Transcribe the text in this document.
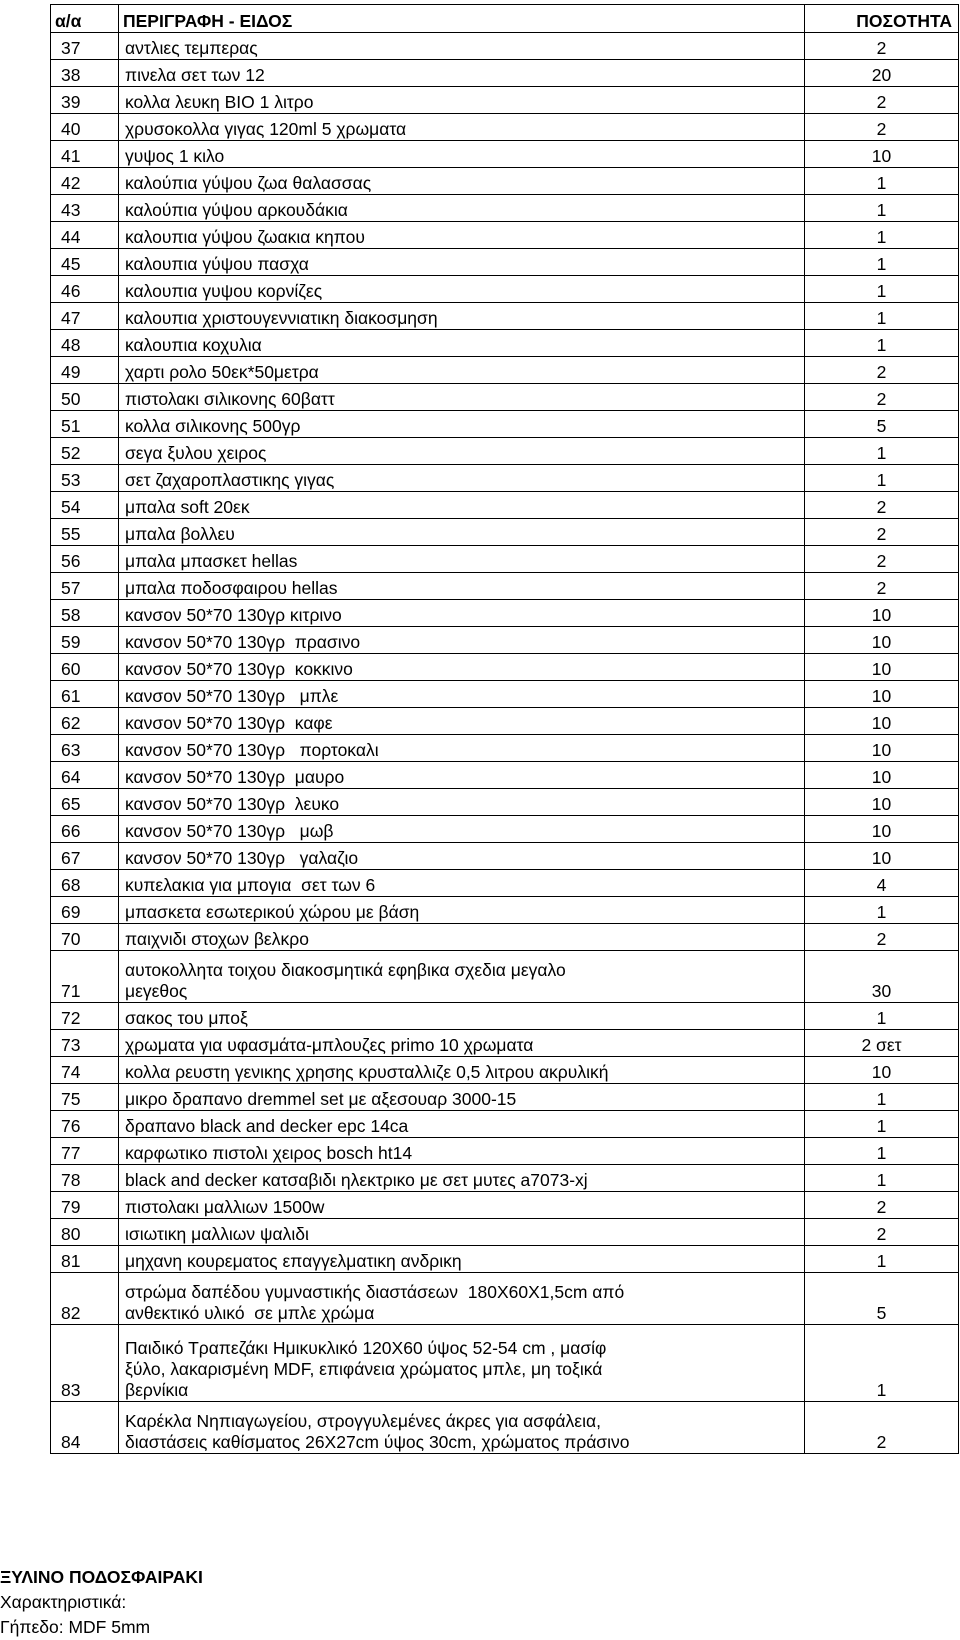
α/α	ΠΕΡΙΓΡΑΦΗ - ΕΙΔΟΣ	ΠΟΣΟΤΗΤΑ
37	αντλιες τεμπερας	2
38	πινελα σετ των 12	20
39	κολλα λευκη BIO 1 λιτρο	2
40	χρυσοκολλα γιγας 120ml 5 χρωματα	2
41	γυψος 1 κιλο	10
42	καλούπια γύψου ζωα θαλασσας	1
43	καλούπια γύψου αρκουδάκια	1
44	καλουπια γύψου ζωακια κηπου	1
45	καλουπια γύψου πασχα	1
46	καλουπια γυψου κορνίζες	1
47	καλουπια χριστουγεννιατικη διακοσμηση	1
48	καλουπια κοχυλια	1
49	χαρτι ρολο 50εκ*50μετρα	2
50	πιστολακι σιλικονης 60βαττ	2
51	κολλα σιλικονης 500γρ	5
52	σεγα ξυλου χειρος	1
53	σετ ζαχαροπλαστικης γιγας	1
54	μπαλα soft 20εκ	2
55	μπαλα βολλευ	2
56	μπαλα μπασκετ hellas	2
57	μπαλα ποδοσφαιρου hellas	2
58	κανσον 50*70 130γρ κιτρινο	10
59	κανσον 50*70 130γρ  πρασινο	10
60	κανσον 50*70 130γρ  κοκκινο	10
61	κανσον 50*70 130γρ   μπλε	10
62	κανσον 50*70 130γρ  καφε	10
63	κανσον 50*70 130γρ   πορτοκαλι	10
64	κανσον 50*70 130γρ  μαυρο	10
65	κανσον 50*70 130γρ  λευκο	10
66	κανσον 50*70 130γρ   μωβ	10
67	κανσον 50*70 130γρ   γαλαζιο	10
68	κυπελακια για μπογια  σετ των 6	4
69	μπασκετα εσωτερικού χώρου με βάση	1
70	παιχνιδι στοχων βελκρο	2
71	αυτοκολλητα τοιχου διακοσμητικά εφηβικα σχεδια μεγαλο
μεγεθος	30
72	σακος του μποξ	1
73	χρωματα για υφασμάτα-μπλουζες primo 10 χρωματα	2 σετ
74	κολλα ρευστη γενικης χρησης κρυσταλλιζε 0,5 λιτρου ακρυλική	10
75	μικρο δραπανο dremmel set με αξεσουαρ 3000-15	1
76	δραπανο black and decker epc 14ca	1
77	καρφωτικο πιστολι χειρος bosch ht14	1
78	black and decker κατσαβιδι ηλεκτρικο με σετ μυτες a7073-xj	1
79	πιστολακι μαλλιων 1500w	2
80	ισιωτικη μαλλιων ψαλιδι	2
81	μηχανη κουρεματος επαγγελματικη ανδρικη	1
82	στρώμα δαπέδου γυμναστικής διαστάσεων  180Χ60Χ1,5cm από
ανθεκτικό υλικό  σε μπλε χρώμα	5
83	Παιδικό Τραπεζάκι Ημικυκλικό 120Χ60 ύψος 52-54 cm , μασίφ
ξύλο, λακαρισμένη MDF, επιφάνεια χρώματος μπλε, μη τοξικά
βερνίκια	1
84	Καρέκλα Νηπιαγωγείου, στρογγυλεμένες άκρες για ασφάλεια,
διαστάσεις καθίσματος 26Χ27cm ύψος 30cm, χρώματος πράσινο	2
ΞΥΛΙΝΟ ΠΟΔΟΣΦΑΙΡΑΚΙ
Χαρακτηριστικά:
Γήπεδο: MDF 5mm
